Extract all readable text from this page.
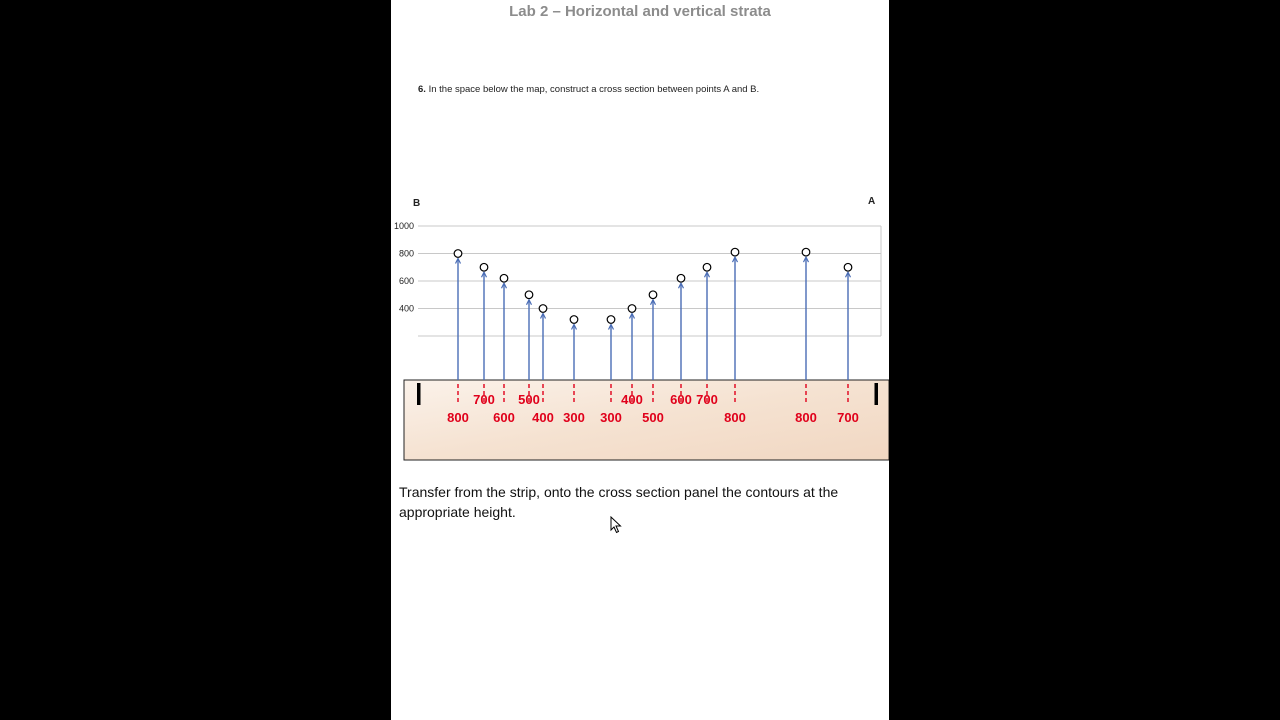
Lab 2 – Horizontal and vertical strata
6. In the space below the map, construct a cross section between points A and B.
B	A
400
600
800
1000
800
700
600
500
400 300 300
400
500
600 700
800	800 700
Transfer from the strip, onto the cross section panel the contours at the appropriate height.
